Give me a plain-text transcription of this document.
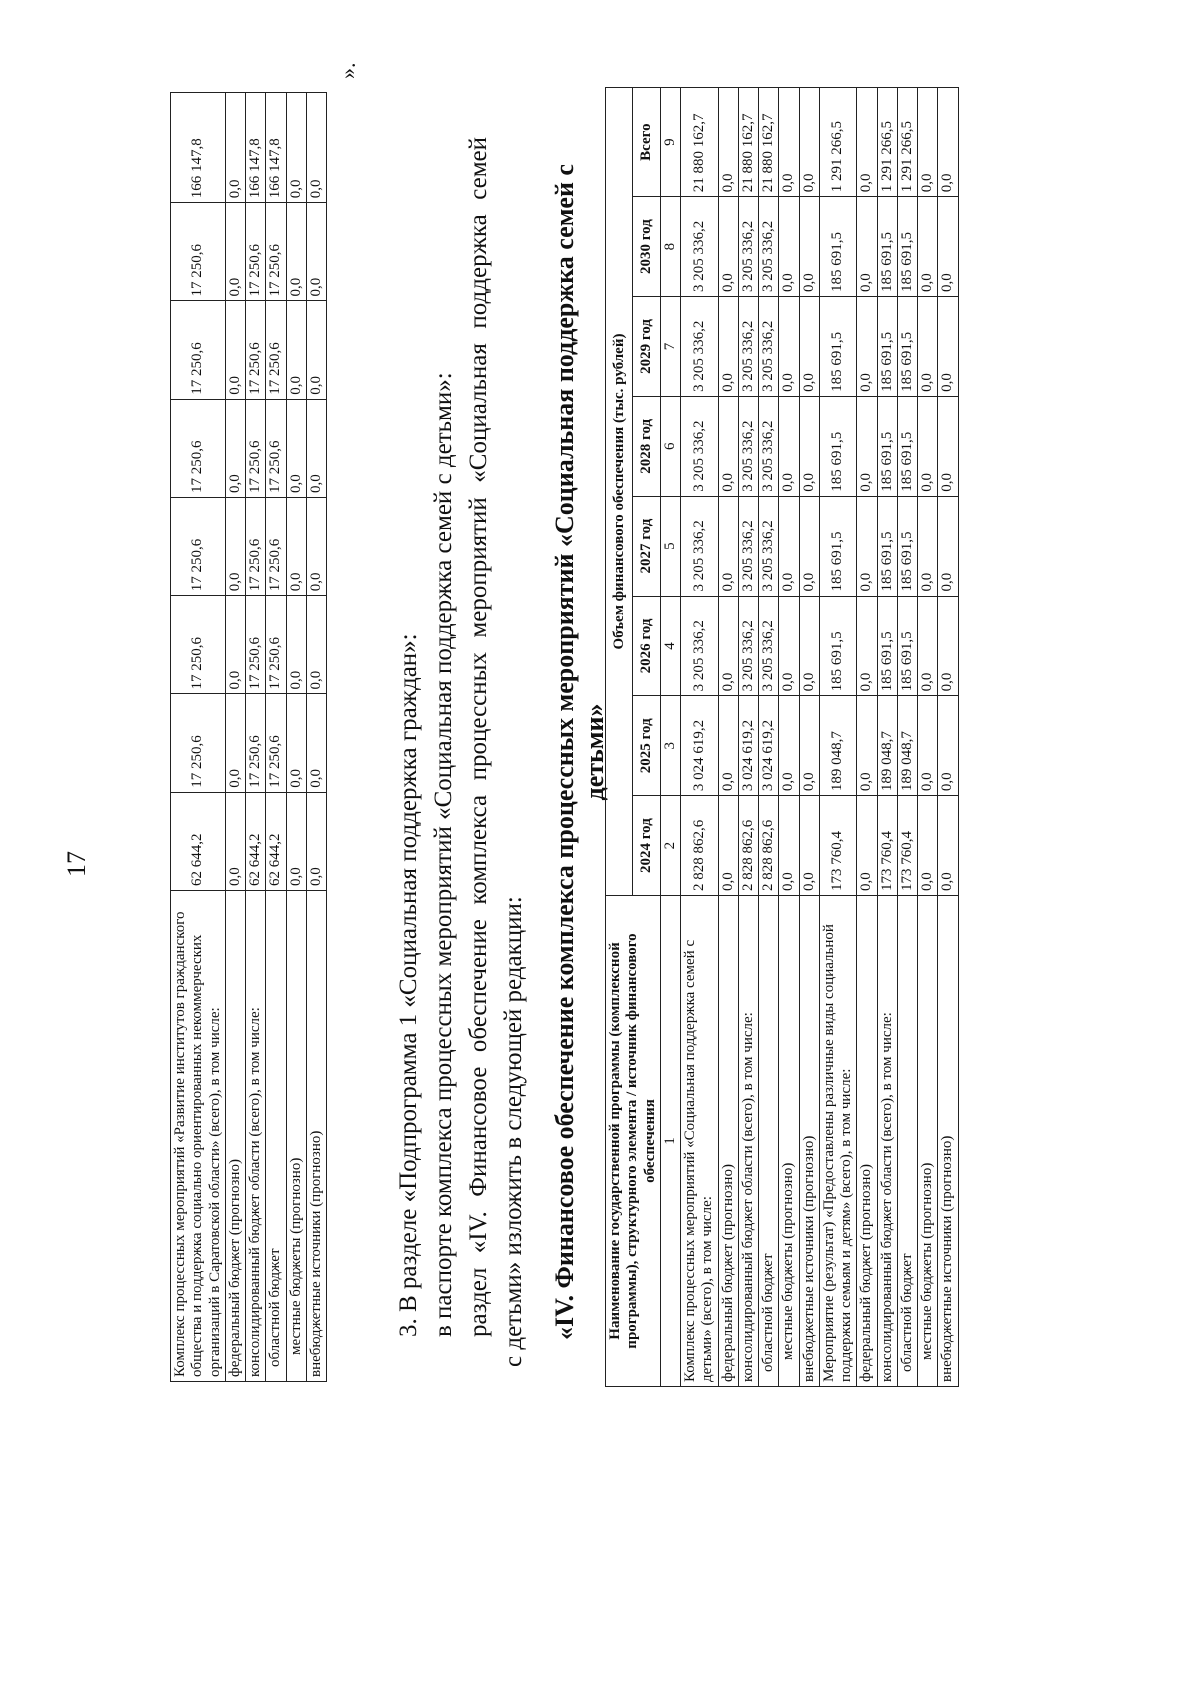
17
Комплекс процессных мероприятий «Развитие институтов гражданского общества и поддержка социально ориентированных некоммерческих организаций в Саратовской области» (всего), в том числе:	62 644,2	17 250,6	17 250,6	17 250,6	17 250,6	17 250,6	17 250,6	166 147,8
федеральный бюджет (прогнозно)	0,0	0,0	0,0	0,0	0,0	0,0	0,0	0,0
консолидированный бюджет области (всего), в том числе:	62 644,2	17 250,6	17 250,6	17 250,6	17 250,6	17 250,6	17 250,6	166 147,8
областной бюджет	62 644,2	17 250,6	17 250,6	17 250,6	17 250,6	17 250,6	17 250,6	166 147,8
местные бюджеты (прогнозно)	0,0	0,0	0,0	0,0	0,0	0,0	0,0	0,0
внебюджетные источники (прогнозно)	0,0	0,0	0,0	0,0	0,0	0,0	0,0	0,0
».
3. В разделе «Подпрограмма 1 «Социальная поддержка граждан»: в паспорте комплекса процессных мероприятий «Социальная поддержка семей с детьми»: раздел «IV. Финансовое обеспечение комплекса процессных мероприятий «Социальная поддержка семей с детьми» изложить в следующей редакции: «IV. Финансовое обеспечение комплекса процессных мероприятий «Социальная поддержка семей с детьми»
Наименование государственной программы (комплексной программы), структурного элемента / источник финансового обеспечения	Объем финансового обеспечения (тыс. рублей)							
	2024 год	2025 год	2026 год	2027 год	2028 год	2029 год	2030 год	Всего
1	2	3	4	5	6	7	8	9
Комплекс процессных мероприятий «Социальная поддержка семей с детьми» (всего), в том числе:	2 828 862,6	3 024 619,2	3 205 336,2	3 205 336,2	3 205 336,2	3 205 336,2	3 205 336,2	21 880 162,7
федеральный бюджет (прогнозно)	0,0	0,0	0,0	0,0	0,0	0,0	0,0	0,0
консолидированный бюджет области (всего), в том числе:	2 828 862,6	3 024 619,2	3 205 336,2	3 205 336,2	3 205 336,2	3 205 336,2	3 205 336,2	21 880 162,7
областной бюджет	2 828 862,6	3 024 619,2	3 205 336,2	3 205 336,2	3 205 336,2	3 205 336,2	3 205 336,2	21 880 162,7
местные бюджеты (прогнозно)	0,0	0,0	0,0	0,0	0,0	0,0	0,0	0,0
внебюджетные источники (прогнозно)	0,0	0,0	0,0	0,0	0,0	0,0	0,0	0,0
Мероприятие (результат) «Предоставлены различные виды социальной поддержки семьям и детям» (всего), в том числе:	173 760,4	189 048,7	185 691,5	185 691,5	185 691,5	185 691,5	185 691,5	1 291 266,5
федеральный бюджет (прогнозно)	0,0	0,0	0,0	0,0	0,0	0,0	0,0	0,0
консолидированный бюджет области (всего), в том числе:	173 760,4	189 048,7	185 691,5	185 691,5	185 691,5	185 691,5	185 691,5	1 291 266,5
областной бюджет	173 760,4	189 048,7	185 691,5	185 691,5	185 691,5	185 691,5	185 691,5	1 291 266,5
местные бюджеты (прогнозно)	0,0	0,0	0,0	0,0	0,0	0,0	0,0	0,0
внебюджетные источники (прогнозно)	0,0	0,0	0,0	0,0	0,0	0,0	0,0	0,0
